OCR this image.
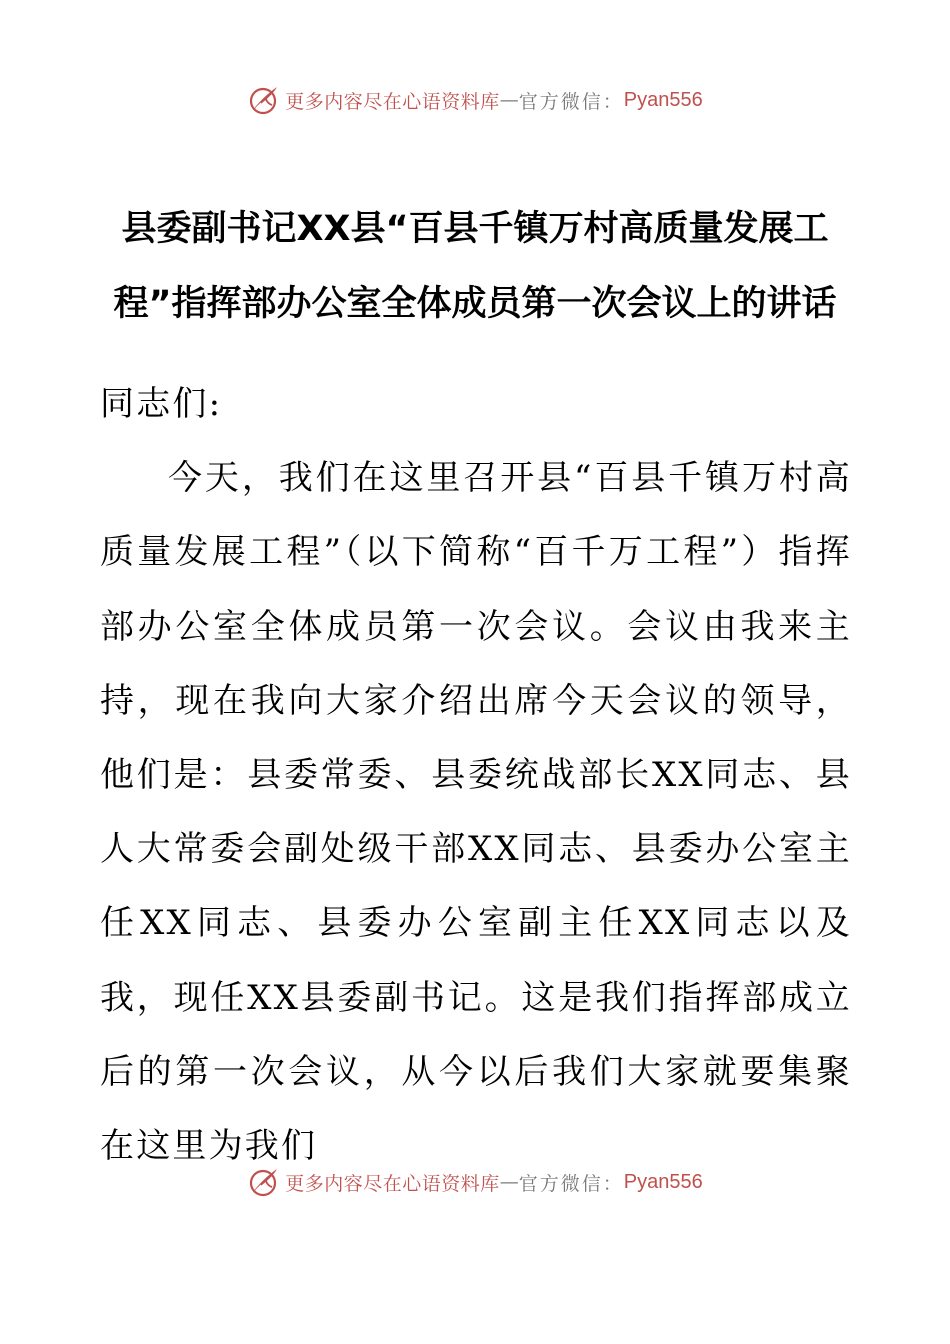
更多内容尽在心语资料库 — 官方微信： Pyan556
县委副书记XX县“百县千镇万村高质量发展工程”指挥部办公室全体成员第一次会议上的讲话

同志们:

今天，我们在这里召开县“百县千镇万村高质量发展工程”（以下简称“百千万工程”）指挥部办公室全体成员第一次会议。会议由我来主持，现在我向大家介绍出席今天会议的领导，他们是：县委常委、县委统战部长XX同志、县人大常委会副处级干部XX同志、县委办公室主任XX同志、县委办公室副主任XX同志以及我，现任XX县委副书记。这是我们指挥部成立后的第一次会议，从今以后我们大家就要集聚在这里为我们

更多内容尽在心语资料库 — 官方微信： Pyan556
